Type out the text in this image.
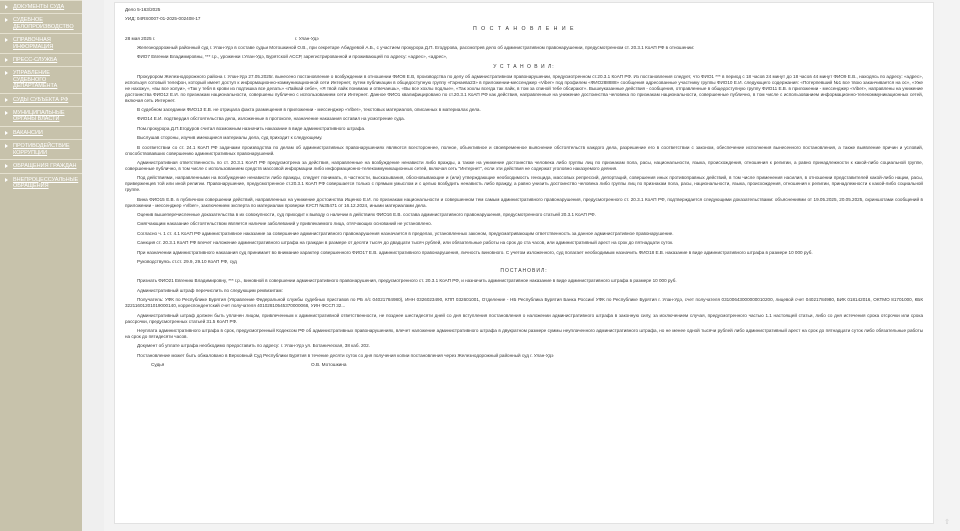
ДОКУМЕНТЫ СУДА
СУДЕБНОЕ ДЕЛОПРОИЗВОДСТВО
СПРАВОЧНАЯ ИНФОРМАЦИЯ
ПРЕСС-СЛУЖБА
УПРАВЛЕНИЕ СУДЕБНОГО ДЕПАРТАМЕНТА
СУДЫ СУБЪЕКТА РФ
МУНИЦИПАЛЬНЫЕ ОРГАНЫ ВЛАСТИ
ВАКАНСИИ
ПРОТИВОДЕЙСТВИЕ КОРРУПЦИИ
ОБРАЩЕНИЯ ГРАЖДАН
ВНЕПРОЦЕССУАЛЬНЫЕ ОБРАЩЕНИЯ

Дело 5-163/2025

УИД: 04RS0007-01-2025-002408-17

П О С Т А Н О В Л Е Н И Е
28 мая 2025 г.	г. Улан-Удэ

Железнодорожный районный суд г. Улан-Удэ в составе судьи Мотошкиной О.В., при секретаре Абидуевой А.Б., с участием прокурора Д.П. Егодурова, рассмотрев дело об административном правонарушении, предусмотренном ст. 20.3.1 КоАП РФ в отношении:

ФИО7 Евгении Владимировны, *** г.р., уроженки г.Улан-Удэ, Бурятской АССР, зарегистрированной и проживающей по адресу: «адрес», «адрес»,

У С Т А Н О В И Л:

Прокурором Железнодорожного района г. Улан-Удэ 27.05.2025г. вынесено постановление о возбуждении в отношении ФИО8 Е.В, производства по делу об административном правонарушении, предусмотренном ст.20.3.1 КоАП РФ. Из постановления следует, что ФИО1 *** в период с 18 часов 24 минут до 18 часов 44 минут ФИО9 Е.В., находясь по адресу: «адрес», используя сотовый телефон, который имеет доступ к информационно-коммуникационной сети Интернет, путем публикации в общедоступную группу «Гарнаева23» в приложении-мессенджер «Viber» под профилем «ФИО288888» сообщения адресованные участнику группы ФИО10 Е.И. следующего содержания: «Потерпевший №1 все твою заканчивается на ос», «Уже не нахожу», «вы все холуи», «Так у тебя в крови из подтишка все делать» «Лайкай себе», «Я твой лайк понимаю и отвечаешь», «Вы все хохлы подлые», «Так хохлы всегда так лайк, в том за спиной тебе обсирают». Вышеуказанные действия - сообщения, отправленные в общедоступную группу ФИО11 Е.В. в приложении - мессенджер «Viber», направлены на унижение достоинства ФИО12 Е.И. по признакам национальности, совершены публично с использованием сети Интернет. Данное ФИО1 квалифицировано по ст.20.3.1 КоАП РФ как действия, направленные на унижение достоинства человека по признакам национальности, совершенные публично, в том числе с использованием информационно-телекоммуникационных сетей, включая сеть Интернет.

В судебном заседании ФИО13 Е.В. не отрицала факта размещения в приложении - мессенджер «Viber», текстовых материалов, описанных в материалах дела.

ФИО14 Е.И. подтвердил обстоятельства дела, изложенные в протоколе, назначение наказания оставил на усмотрение суда.

Пом.прокурора Д.П.Егодуров считал возможным назначить наказание в виде административного штрафа.

Выслушав стороны, изучив имеющиеся материалы дела, суд приходит к следующему.

В соответствии со ст. 24.1 КоАП РФ задачами производства по делам об административных правонарушениях являются всестороннее, полное, объективное и своевременное выяснение обстоятельств каждого дела, разрешение его в соответствии с законом, обеспечение исполнения вынесенного постановления, а также выявление причин и условий, способствовавших совершению административных правонарушений.

Административная ответственность по ст. 20.3.1 КоАП РФ предусмотрена за действия, направленные на возбуждение ненависти либо вражды, а также на унижение достоинства человека либо группы лиц по признакам пола, расы, национальности, языка, происхождения, отношения к религии, а равно принадлежности к какой-либо социальной группе, совершенные публично, в том числе с использованием средств массовой информации либо информационно-телекоммуникационных сетей, включая сеть "Интернет", если эти действия не содержат уголовно наказуемого деяния.

Под действиями, направленными на возбуждение ненависти либо вражды, следует понимать, в частности, высказывания, обосновывающие и (или) утверждающие необходимость геноцида, массовых репрессий, депортаций, совершения иных противоправных действий, в том числе применения насилия, в отношении представителей какой-либо нации, расы, приверженцев той или иной религии. Правонарушение, предусмотренное ст.20.3.1 КоАП РФ совершается только с прямым умыслом и с целью возбудить ненависть либо вражду, а равно унизить достоинство человека либо группы лиц по признакам пола, расы, национальности, языка, происхождения, отношения к религии, принадлежности к какой-либо социальной группе.

Вина ФИО15 Е.В. в публичном совершении действий, направленных на унижение достоинства Ищенко Е.И. по признакам национальности и совершенном тем самым административного правонарушения, предусмотренного ст. 20.3.1 КоАП РФ, подтверждается следующими доказательствами: объяснениями от 19.05.2025, 20.05.2025, скриншотами сообщений в приложении - мессенджер «Viber», заключением эксперта по материалам проверки КУСП №35471 от 16.12.2024, иными материалами дела.

Оценив вышеперечисленные доказательства в их совокупности, суд приходит к выводу о наличии в действиях ФИО16 Е.В. состава административного правонарушения, предусмотренного статьей 20.3.1 КоАП РФ.

Смягчающим наказание обстоятельством является наличие заболеваний у привлекаемого лица, отягчающих оснований не установлено.

Согласно ч. 1 ст. 4.1 КоАП РФ административное наказание за совершение административного правонарушения назначается в пределах, установленных законом, предусматривающим ответственность за данное административное правонарушение.

Санкция ст. 20.3.1 КоАП РФ влечет наложение административного штрафа на граждан в размере от десяти тысяч до двадцати тысяч рублей, или обязательные работы на срок до ста часов, или административный арест на срок до пятнадцати суток.

При назначении административного наказания суд принимает во внимание характер совершенного ФИО17 Е.В. административного правонарушения, личность виновного. С учетом изложенного, суд полагает необходимым назначить ФИО18 Е.В. наказание в виде административного штрафа в размере 10 000 руб.

Руководствуясь ст.ст. 29.9, 29.10 КоАП РФ, суд

ПОСТАНОВИЛ:

Признать ФИО21 Евгению Владимировну, *** г.р., виновной в совершении административного правонарушения, предусмотренного ст. 20.3.1 КоАП РФ, и назначить административное наказание в виде административного штрафа в размере 10 000 руб.

Административный штраф перечислить по следующим реквизитам:

Получатель: УФК по Республике Бурятия (Управление Федеральной службы судебных приставов по РБ л/с 04021784980), ИНН 0326023490, КПП 032601001, Отделение - НБ Республика Бурятия Банка России/ УФК по Республике Бурятия г. Улан-Удэ, счет получателя 03100643000000010200, лицевой счет 04021784980, БИК 018142016, ОКТМО 81701000, КБК 32211601201019000140, корреспондентский счет получателя 40102810545370000068, УИН ФССП 32...

Административный штраф должен быть уплачен лицом, привлеченным к административной ответственности, не позднее шестидесяти дней со дня вступления постановления о наложении административного штрафа в законную силу, за исключением случая, предусмотренного частью 1.1 настоящей статьи, либо со дня истечения срока отсрочки или срока рассрочки, предусмотренных статьей 31.5 КоАП РФ.

Неуплата административного штрафа в срок, предусмотренный Кодексом РФ об административных правонарушениях, влечет наложение административного штрафа в двукратном размере суммы неуплаченного административного штрафа, но не менее одной тысячи рублей либо административный арест на срок до пятнадцати суток либо обязательные работы на срок до пятидесяти часов.

Документ об уплате штрафа необходимо предоставить по адресу: г. Улан-Удэ ул. Ботаническая, 38 каб. 202.

Постановление может быть обжаловано в Верховный Суд Республики Бурятия в течение десяти суток со дня получения копии постановления через Железнодорожный районный суд г. Улан-Удэ

Судья	О.В. Мотошкина
⇧
